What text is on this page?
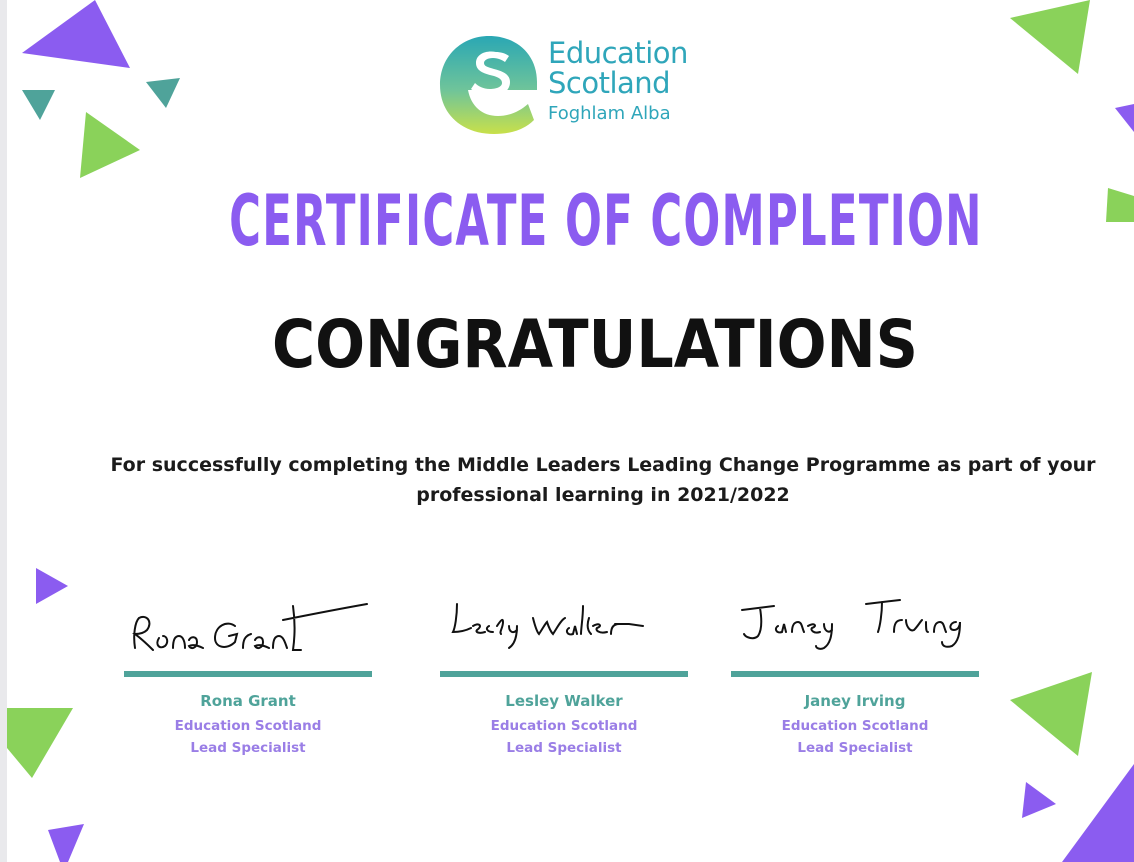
Education
Scotland
Foghlam Alba
CERTIFICATE OF COMPLETION
CONGRATULATIONS
For successfully completing the Middle Leaders Leading Change Programme as part of your professional learning in 2021/2022
Rona Grant
Education Scotland
Lead Specialist
Lesley Walker
Education Scotland
Lead Specialist
Janey Irving
Education Scotland
Lead Specialist
